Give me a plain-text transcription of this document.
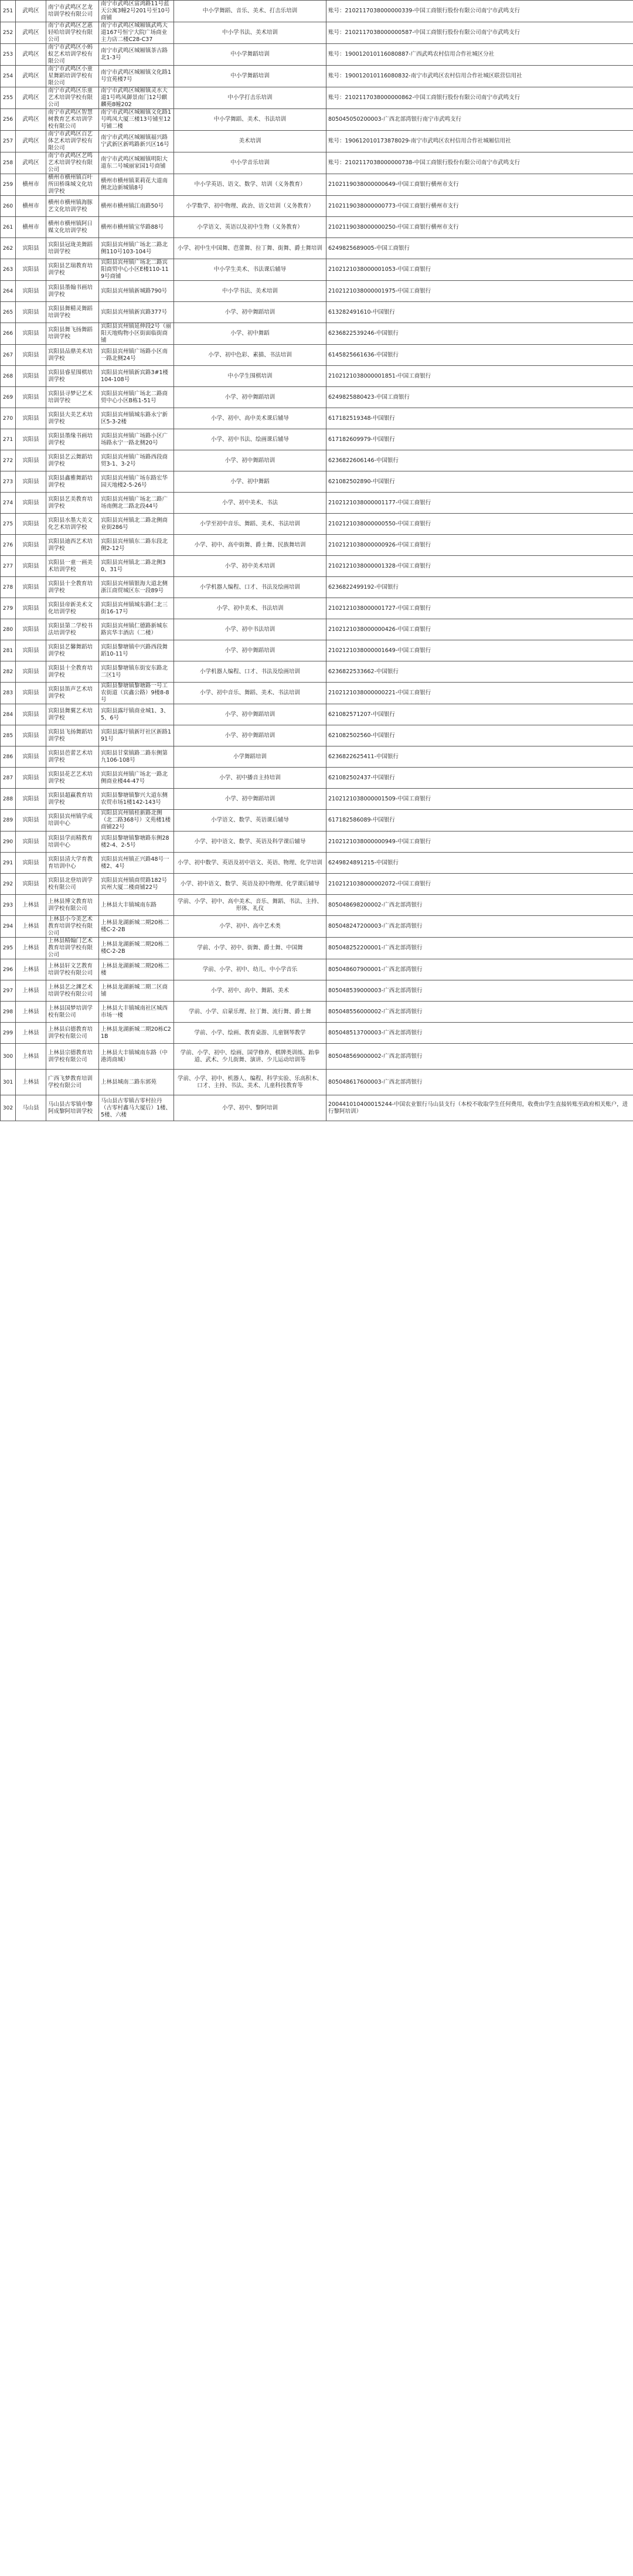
251	武鸣区	南宁市武鸣区艺龙培训学校有限公司	南宁市武鸣区富鸿路11号蓝天公寓3幢2号201号至10号商铺	中小学舞蹈、音乐、美术、打击乐培训	账号：2102117038000000339-中国工商银行股份有限公司南宁市武鸣支行
252	武鸣区	南宁市武鸣区艺惠轻哈培训学校有限公司	南宁市武鸣区城厢镇武鸣大道167号恒宁大院广场商业主力店二楼C28-C37	中小学书法、美术培训	账号：2102117038000000587-中国工商银行股份有限公司南宁市武鸣支行
253	武鸣区	南宁市武鸣区小蚂蚁艺术培训学校有限公司	南宁市武鸣区城厢镇茶古路北1-3号	中小学舞蹈培训	账号：190012010116080887-广西武鸣农村信用合作社城区分社
254	武鸣区	南宁市武鸣区小童星舞蹈培训学校有限公司	南宁市武鸣区城厢镇文化路1号宜苑楼7号	中小学舞蹈培训	账号：190012010116080832-南宁市武鸣区农村信用合作社城区联营信用社
255	武鸣区	南宁市武鸣区乐童艺术培训学校有限公司	南宁市武鸣区城厢镇灵水大道1号鸣凤御景南门12号麒麟苑8幢202	中小学打击乐培训	账号：2102117038000000862-中国工商银行股份有限公司南宁市武鸣支行
256	武鸣区	南宁市武鸣区智慧树教育艺术培训学校有限公司	南宁市武鸣区城厢镇文化路1号鸣凤大厦三楼13号铺至12号铺二楼	中小学舞蹈、美术、书法培训	805045050200003-广西北部湾银行南宁市武鸣支行
257	武鸣区	南宁市武鸣区百艺体艺术培训学校有限公司	南宁市武鸣区城厢镇福兴路宁武新区新鸣路新兴区16号	美术培训	账号：190612010173878029-南宁市武鸣区农村信用合作社城厢信用社
258	武鸣区	南宁市武鸣区艺鸣艺术培训学校有限公司	南宁市武鸣区城厢镇明阳大道东二号城丽家园1号商铺	中小学音乐培训	账号：2102117038000000738-中国工商银行股份有限公司南宁市武鸣支行
259	横州市	横州市横州镇百叶所田桥珠城文化培训学校	横州市横州镇莱莉花大道南侧北边新城镇8号	中小学英语、语文、数学、培训（义务教育）	2102119038000000649-中国工商银行横州市支行
260	横州市	横州市横州镇海豚艺文化培训学校	横州市横州镇江南路50号	小学数学、初中物理、政治、语文培训（义务教育）	2102119038000000773-中国工商银行横州市支行
261	横州市	横州市横州镇阿日媒文化培训学校	横州市横州镇宝华路88号	小学语文、英语以及初中生物（义务教育）	2102119038000000250-中国工商银行横州市支行
262	宾阳县	宾阳县冠珑美舞蹈培训学校	宾阳县宾州镇广场北二路北侧110号103-104号	小学、初中生中国舞、芭蕾舞、拉丁舞、街舞、爵士舞培训	6249825689005-中国工商银行
263	宾阳县	宾阳县艺瑞教育培训学校	宾阳县宾州镇广场北二路宾阳商贸中心小区E楼110-119号商铺	中小学生美术、书法课后辅导	2102121038000001053-中国工商银行
264	宾阳县	宾阳县墨翰书画培训学校	宾阳县宾州镇新城路790号	中小学书法、美术培训	2102121038000001975-中国工商银行
265	宾阳县	宾阳县舞精灵舞蹈培训学校	宾阳县宾州镇新宾路377号	小学、初中舞蹈培训	613282491610-中国银行
266	宾阳县	宾阳县舞飞扬舞蹈培训学校	宾阳县宾州镇延伸段2号（丽阳天地购物小区街面临街商铺	小学、初中舞蹈	6236822539246-中国银行
267	宾阳县	宾阳县品鼎美术培训学校	宾阳县宾州镇广场路小区南一路北侧24号	小学、初中色彩、素描、书法培训	6145825661636-中国银行
268	宾阳县	宾阳县睿星围棋培训学校	宾阳县宾州镇新宾路3#1楼104-108号	中小学生围棋培训	2102121038000001851-中国工商银行
269	宾阳县	宾阳县寻梦记艺术培训学校	宾阳县宾州镇广场北二路商贸中心小区B栋1-51号	小学、初中舞蹈培训	6249825880423-中国工商银行
270	宾阳县	宾阳县大美艺术培训学校	宾阳县宾州镇城东路永宁新区5-3-2楼	小学、初中、高中美术课后辅导	617182519348-中国银行
271	宾阳县	宾阳县墨缘书画培训学校	宾阳县宾州镇广场路小区广场路永宁一路北侧20号	小学、初中书法、绘画课后辅导	617182609979-中国银行
272	宾阳县	宾阳县艺云舞蹈培训学校	宾阳县宾州镇广场路西段商贸3-1、3-2号	小学、初中舞蹈培训	6236822606146-中国银行
273	宾阳县	宾阳县鑫雅舞蹈培训学校	宾阳县宾州镇广场东路宏华园天地楼2-5-26号	小学、初中舞蹈	621082502890-中国银行
274	宾阳县	宾阳县艺美教育培训学校	宾阳县宾州镇广场北二路广场南侧北二路北段44号	小学、初中美术、书法	2102121038000001177-中国工商银行
275	宾阳县	宾阳县水墨大美文化艺术培训学校	宾阳县宾州镇北二路北侧商业街286号	小学至初中音乐、舞蹈、美术、书法培训	2102121038000000550-中国工商银行
276	宾阳县	宾阳县迪西艺术培训学校	宾阳县宾州镇东二路东段北侧2-12号	小学、初中、高中街舞、爵士舞、民族舞培训	2102121038000000926-中国工商银行
277	宾阳县	宾阳县一童一画美术培训学校	宾阳县宾州镇北二路北侧30、31号	小学、初中美术培训	2102121038000001328-中国工商银行
278	宾阳县	宾阳县十全教育培训学校	宾阳县宾州镇银海大道北侧浙江商贸城区东一段89号	小学机器人编程、口才、书法及绘画培训	6236822499192-中国银行
279	宾阳县	宾阳县帝新美术文化培训学校	宾阳县宾州镇城东路仁北三街16-17号	小学、初中美术、书法培训	2102121038000001727-中国工商银行
280	宾阳县	宾阳县第二学校书法培训学校	宾阳县宾州镇仁德路新城东路宾华丰酒店（二楼）	小学、初中书法培训	2102121038000000426-中国工商银行
281	宾阳县	宾阳县艺馨舞蹈培训学校	宾阳县黎塘镇中兴路西段舞蹈10-11号	小学、初中舞蹈培训	2102121038000001649-中国工商银行
282	宾阳县	宾阳县十全教育培训学校	宾阳县黎塘镇东街安东路北二区1号	小学机器人编程、口才、书法及绘画培训	6236822533662-中国银行
283	宾阳县	宾阳县笛声艺术培训学校	宾阳县黎塘镇黎塘路一号工农街道（宾鑫公路）9楼8-8号	小学、初中音乐、舞蹈、美术、书法培训	2102121038000000221-中国工商银行
284	宾阳县	宾阳县舞翼艺术培训学校	宾阳县露圩镇商业城1、3、5、6号	小学、初中舞蹈培训	621082571207-中国银行
285	宾阳县	宾阳县飞扬舞蹈培训学校	宾阳县露圩镇新圩社区新路191号	小学、初中舞蹈培训	621082502560-中国银行
286	宾阳县	宾阳县芭蕾艺术培训学校	宾阳县甘棠镇路二路东侧第九106-108号	小学舞蹈培训	6236822625411-中国银行
287	宾阳县	宾阳县花艺艺术培训学校	宾阳县宾州镇广场北一路北侧商业楼44-47号	小学、初中播音主持培训	621082502437-中国银行
288	宾阳县	宾阳县超赢教育培训学校	宾阳县黎塘镇黎兴大道东侧农贸市场1楼142-143号	小学、初中舞蹈培训	2102121038000001509-中国工商银行
289	宾阳县	宾阳县宾州镇学成培训中心	宾阳县宾州镇桂新路北侧（北二路368号）文苑楼1楼商铺22号	小学语文、数学、英语课后辅导	617182586089-中国银行
290	宾阳县	宾阳县学而精教育培训中心	宾阳县黎塘镇黎塘路东侧28楼2-4、2-5号	小学、初中语文、数学、英语及科学课后辅导	2102121038000000949-中国工商银行
291	宾阳县	宾阳县清大学育教育培训中心	宾阳县宾州镇正兴路48号一楼2、4号	小学、初中数学、英语及初中语文、英语、物理、化学培训	6249824891215-中国银行
292	宾阳县	宾阳县北登培训学校有限公司	宾阳县宾州镇商贸路182号宾州大厦二楼商铺22号	小学、初中语文、数学、英语及初中物理、化学课后辅导	2102121038000002072-中国工商银行
293	上林县	上林县博文教育培训学校有限公司	上林县大丰镇城南东路	学前、小学、初中、高中美术、音乐、舞蹈、书法、主持、形体、礼仪	805048698200002-广西北部湾银行
294	上林县	上林县小今美艺术教育培训学校有限公司	上林县龙湖新城二期20栋二楼C-2-2B	小学、初中、高中艺术类	805048247200003-广西北部湾银行
295	上林县	上林县精翰门艺术教育培训学校有限公司	上林县龙湖新城二期20栋二楼C-2-2B	学前、小学、初中、街舞、爵士舞、中国舞	805048252200001-广西北部湾银行
296	上林县	上林县轩文艺教育培训学校有限公司	上林县龙湖新城二期20栋二楼	学前、小学、初中、幼儿、中小学音乐	805048607900001-广西北部湾银行
297	上林县	上林县艺之渊艺术培训学校有限公司	上林县龙湖新城二期二区商铺	小学、初中、高中、舞蹈、美术	805048539000003-广西北部湾银行
298	上林县	上林县国梦培训学校有限公司	上林县大丰镇城南社区城西市场一楼	学前、小学、启蒙乐理、拉丁舞、流行舞、爵士舞	805048556000002-广西北部湾银行
299	上林县	上林县启德教育培训学校有限公司	上林县龙湖新城二期20栋C21B	学前、小学、绘画、教育桌游、儿童钢琴教学	805048513700003-广西北部湾银行
300	上林县	上林县宗德教育培训学校有限公司	上林县大丰镇城南东路（中港湾商城）	学前、小学、初中、绘画、国学修养、棋牌类训练、跆拳道、武术、少儿街舞、演讲、少儿运动培训等	805048569000002-广西北部湾银行
301	上林县	广西飞梦教育培训学校有限公司	上林县城南二路东郭苑	学前、小学、初中、机器人、编程、科学实验、乐高积木、口才、主持、书法、美术、儿童科技教育等	805048617600003-广西北部湾银行
302	马山县	马山县古零镇中黎阿成黎阿培训学校	马山县古零镇古零村拉丹（古零村鑫马大厦后）1楼、5楼、六楼	小学、初中、黎阿培训	200441010400015244-中国农业银行马山县支行（本校不收取学生任何费用，收费由学生直接转账至政府相关账户，进行黎阿培训）
